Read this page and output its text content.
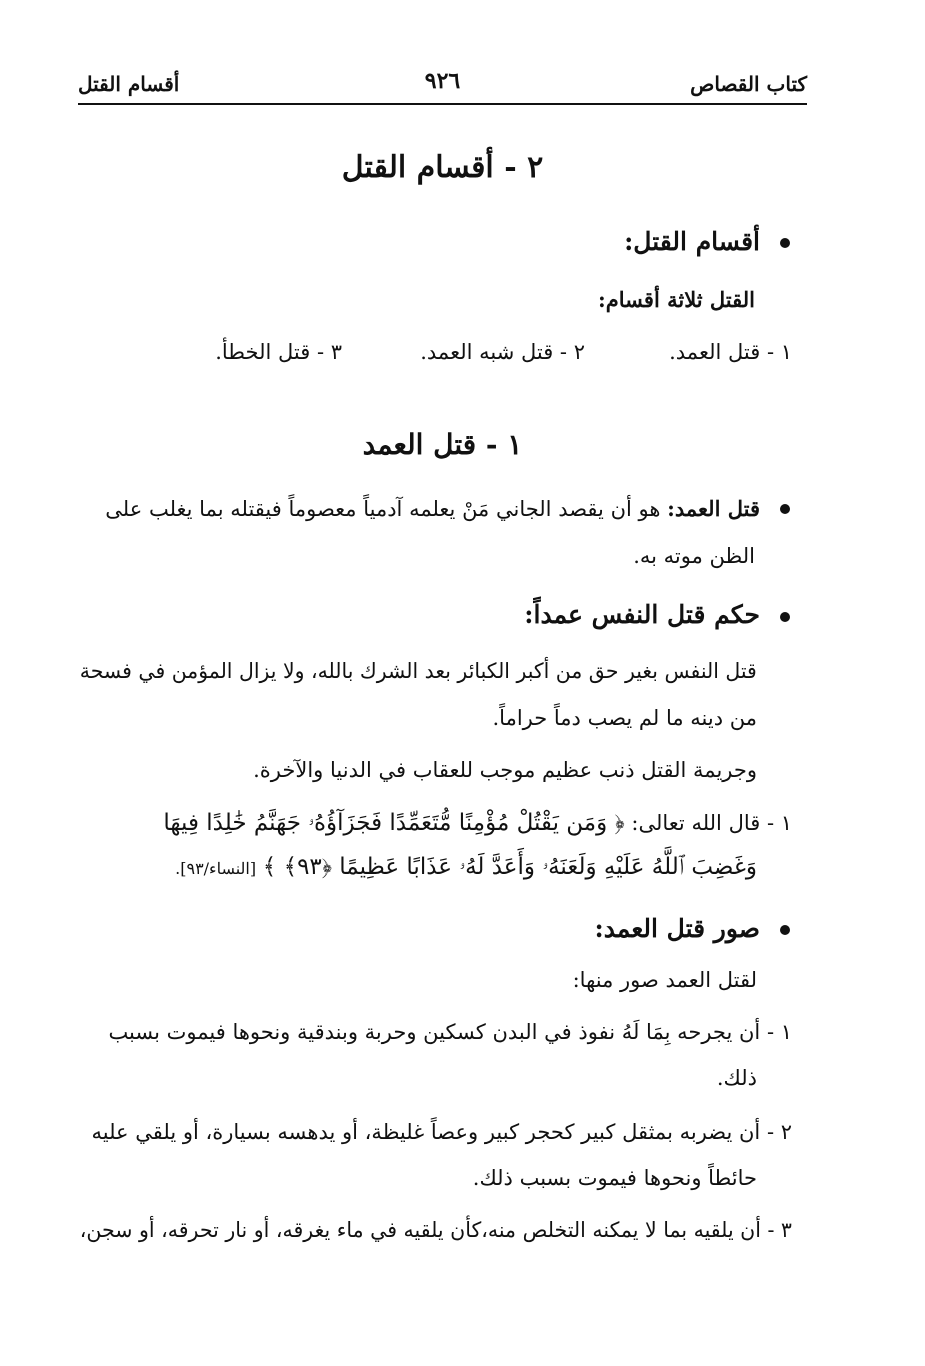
كتاب القصاص
٩٢٦
أقسام القتل
٢ - أقسام القتل
أقسام القتل:
القتل ثلاثة أقسام:
١ - قتل العمد.
٢ - قتل شبه العمد.
٣ - قتل الخطأ.
١ - قتل العمد
قتل العمد: هو أن يقصد الجاني مَنْ يعلمه آدمياً معصوماً فيقتله بما يغلب على
الظن موته به.
حكم قتل النفس عمداً:
قتل النفس بغير حق من أكبر الكبائر بعد الشرك بالله، ولا يزال المؤمن في فسحة
من دينه ما لم يصب دماً حراماً.
وجريمة القتل ذنب عظيم موجب للعقاب في الدنيا والآخرة.
١ - قال الله تعالى: ﴿ وَمَن يَقْتُلْ مُؤْمِنًا مُّتَعَمِّدًا فَجَزَآؤُهُۥ جَهَنَّمُ خَٰلِدًا فِيهَا
وَغَضِبَ ٱللَّهُ عَلَيْهِ وَلَعَنَهُۥ وَأَعَدَّ لَهُۥ عَذَابًا عَظِيمًا ﴿٩٣﴾ ﴾ [النساء/٩٣].
صور قتل العمد:
لقتل العمد صور منها:
١ - أن يجرحه بِمَا لَهُ نفوذ في البدن كسكين وحربة وبندقية ونحوها فيموت بسبب
ذلك.
٢ - أن يضربه بمثقل كبير كحجر كبير وعصاً غليظة، أو يدهسه بسيارة، أو يلقي عليه
حائطاً ونحوها فيموت بسبب ذلك.
٣ - أن يلقيه بما لا يمكنه التخلص منه،كأن يلقيه في ماء يغرقه، أو نار تحرقه، أو سجن،
